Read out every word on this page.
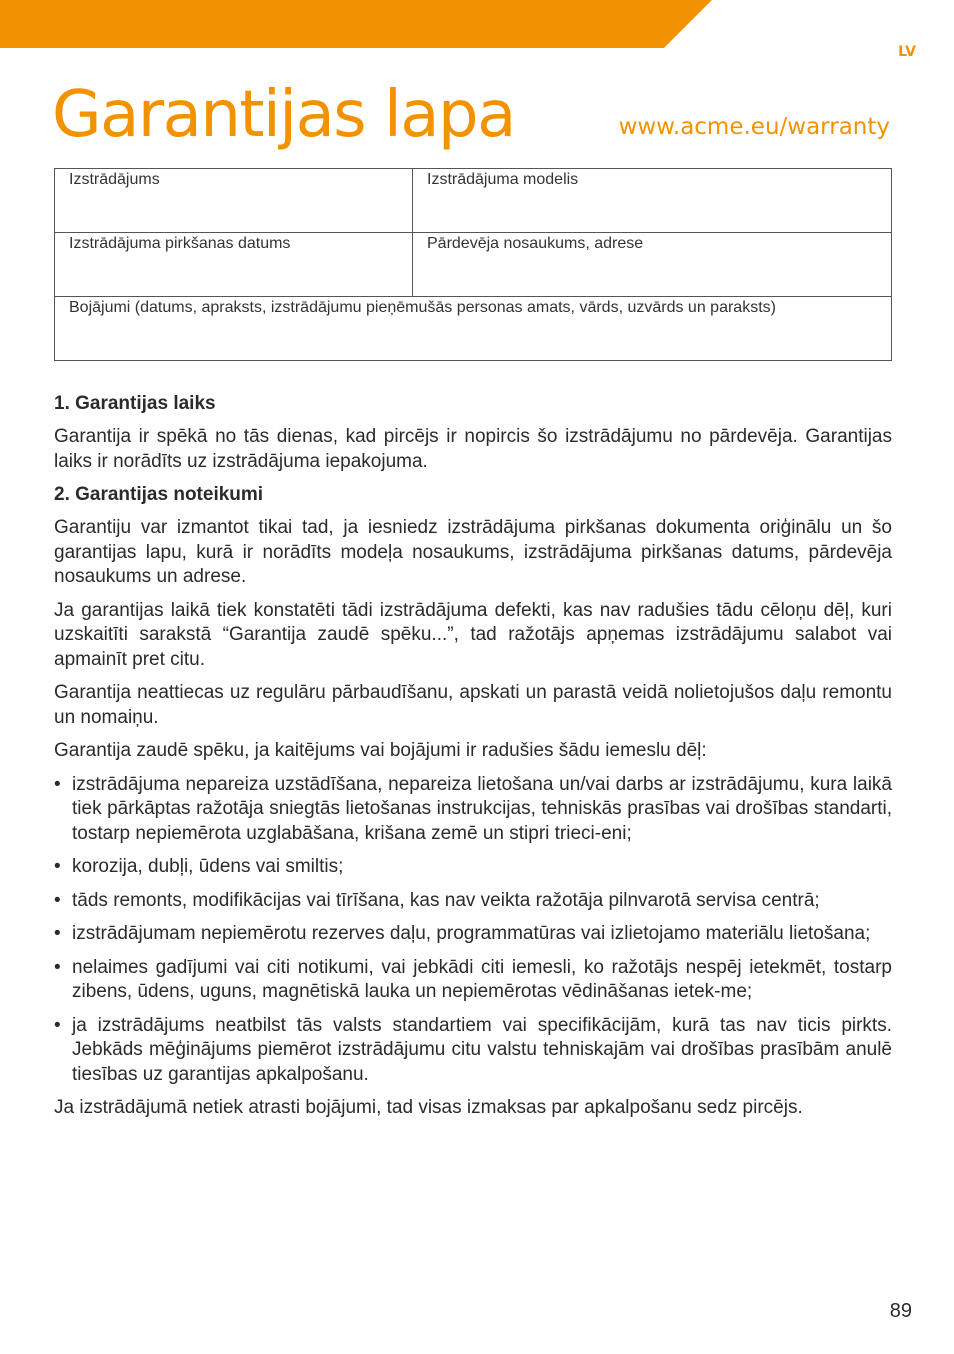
LV
Garantijas lapa	www.acme.eu/warranty
Izstrādājums	Izstrādājuma modelis
Izstrādājuma pirkšanas datums	Pārdevēja nosaukums, adrese
Bojājumi (datums, apraksts, izstrādājumu pieņēmušās personas amats, vārds, uzvārds un paraksts)	
1. Garantijas laiks

Garantija ir spēkā no tās dienas, kad pircējs ir nopircis šo izstrādājumu no pārdevēja. Garantijas laiks ir norādīts uz izstrādājuma iepakojuma.

2. Garantijas noteikumi

Garantiju var izmantot tikai tad, ja iesniedz izstrādājuma pirkšanas dokumenta oriģinālu un šo garantijas lapu, kurā ir norādīts modeļa nosaukums, izstrādājuma pirkšanas datums, pārdevēja nosaukums un adrese.

Ja garantijas laikā tiek konstatēti tādi izstrādājuma defekti, kas nav radušies tādu cēloņu dēļ, kuri uzskaitīti sarakstā “Garantija zaudē spēku...”, tad ražotājs apņemas izstrādājumu salabot vai apmainīt pret citu.

Garantija neattiecas uz regulāru pārbaudīšanu, apskati un parastā veidā nolietojušos daļu remontu un nomaiņu.

Garantija zaudē spēku, ja kaitējums vai bojājumi ir radušies šādu iemeslu dēļ:

• izstrādājuma nepareiza uzstādīšana, nepareiza lietošana un/vai darbs ar izstrādājumu, kura laikā tiek pārkāptas ražotāja sniegtās lietošanas instrukcijas, tehniskās prasības vai drošības standarti, tostarp nepiemērota uzglabāšana, krišana zemē un stipri trieci-eni;
• korozija, dubļi, ūdens vai smiltis;
• tāds remonts, modifikācijas vai tīrīšana, kas nav veikta ražotāja pilnvarotā servisa centrā;
• izstrādājumam nepiemērotu rezerves daļu, programmatūras vai izlietojamo materiālu lietošana;
• nelaimes gadījumi vai citi notikumi, vai jebkādi citi iemesli, ko ražotājs nespēj ietekmēt, tostarp zibens, ūdens, uguns, magnētiskā lauka un nepiemērotas vēdināšanas ietek-me;
• ja izstrādājums neatbilst tās valsts standartiem vai specifikācijām, kurā tas nav ticis pirkts. Jebkāds mēģinājums piemērot izstrādājumu citu valstu tehniskajām vai drošības prasībām anulē tiesības uz garantijas apkalpošanu.

Ja izstrādājumā netiek atrasti bojājumi, tad visas izmaksas par apkalpošanu sedz pircējs.

89
